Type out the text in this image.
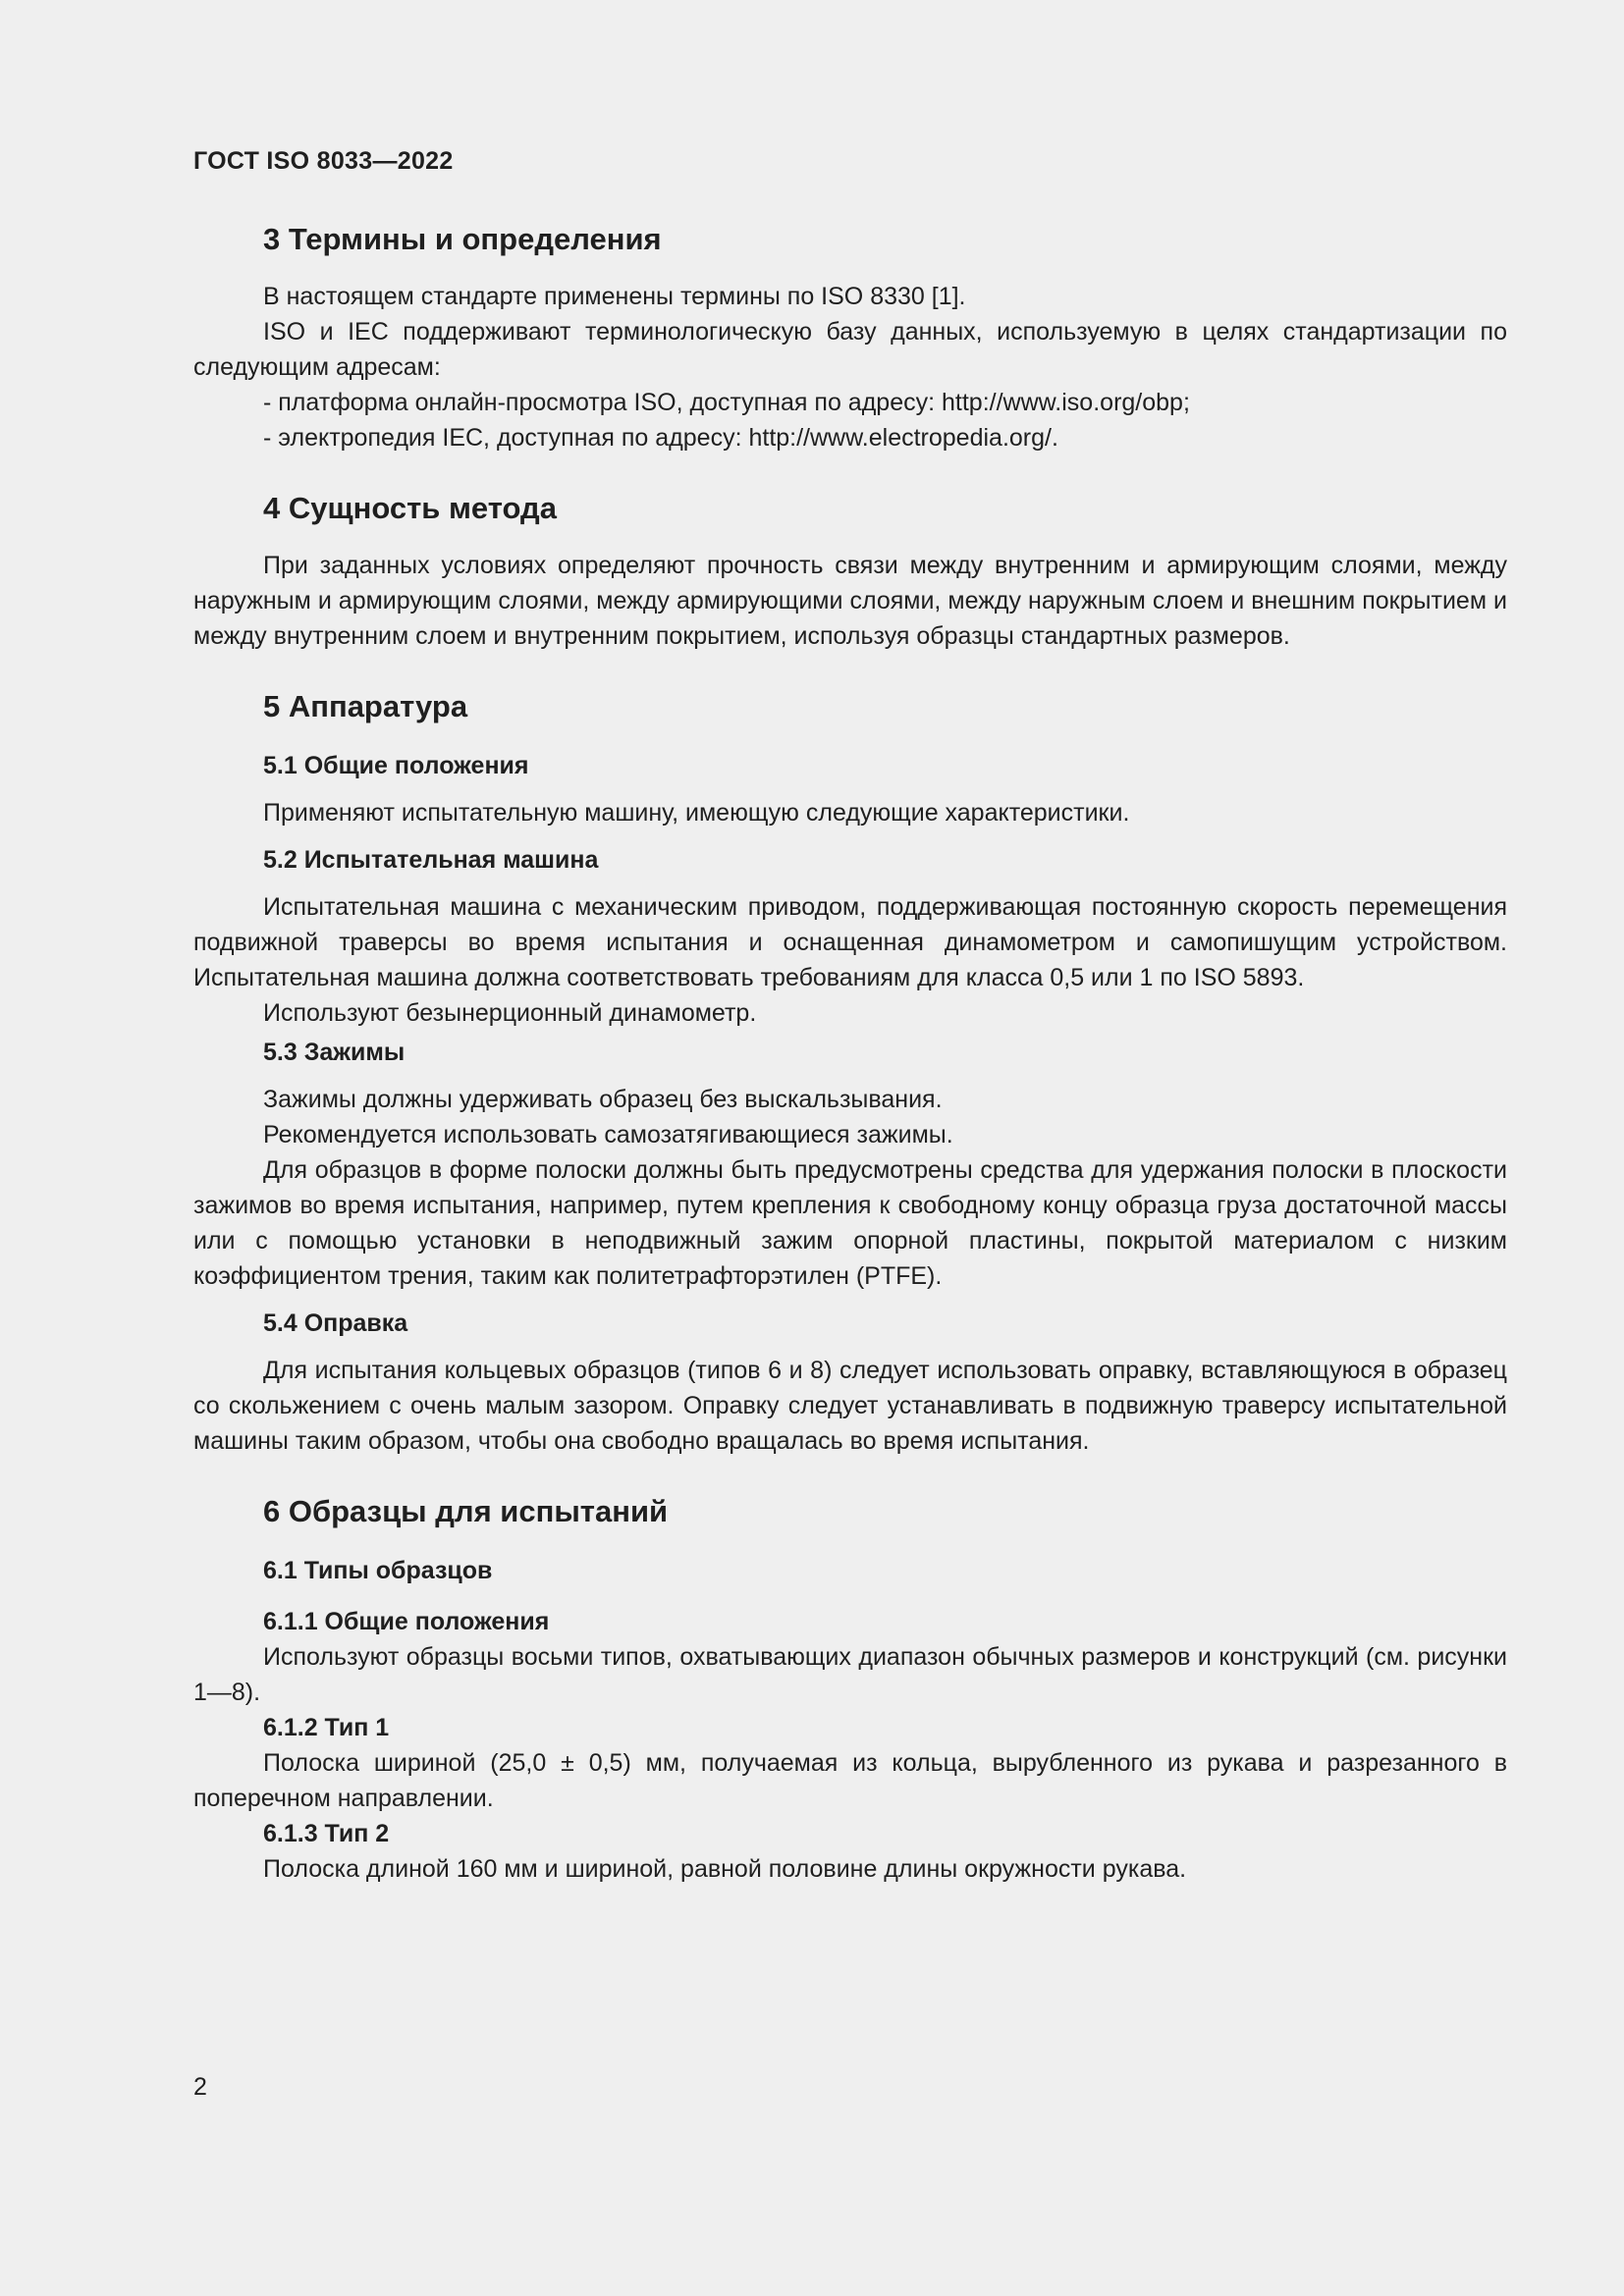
ГОСТ ISO 8033—2022
3 Термины и определения

В настоящем стандарте применены термины по ISO 8330 [1].

ISO и IEC поддерживают терминологическую базу данных, используемую в целях стандартизации по следующим адресам:

- платформа онлайн-просмотра ISO, доступная по адресу: http://www.iso.org/obp;
- электропедия IEC, доступная по адресу: http://www.electropedia.org/.
4 Сущность метода

При заданных условиях определяют прочность связи между внутренним и армирующим слоями, между наружным и армирующим слоями, между армирующими слоями, между наружным слоем и внешним покрытием и между внутренним слоем и внутренним покрытием, используя образцы стандартных размеров.

5 Аппаратура
5.1 Общие положения

Применяют испытательную машину, имеющую следующие характеристики.

5.2 Испытательная машина

Испытательная машина с механическим приводом, поддерживающая постоянную скорость перемещения подвижной траверсы во время испытания и оснащенная динамометром и самопишущим устройством. Испытательная машина должна соответствовать требованиям для класса 0,5 или 1 по ISO 5893.

Используют безынерционный динамометр.

5.3 Зажимы

Зажимы должны удерживать образец без выскальзывания.

Рекомендуется использовать самозатягивающиеся зажимы.

Для образцов в форме полоски должны быть предусмотрены средства для удержания полоски в плоскости зажимов во время испытания, например, путем крепления к свободному концу образца груза достаточной массы или с помощью установки в неподвижный зажим опорной пластины, покрытой материалом с низким коэффициентом трения, таким как политетрафторэтилен (PTFE).

5.4 Оправка

Для испытания кольцевых образцов (типов 6 и 8) следует использовать оправку, вставляющуюся в образец со скольжением с очень малым зазором. Оправку следует устанавливать в подвижную траверсу испытательной машины таким образом, чтобы она свободно вращалась во время испытания.

6 Образцы для испытаний
6.1 Типы образцов
6.1.1 Общие положения

Используют образцы восьми типов, охватывающих диапазон обычных размеров и конструкций (см. рисунки 1—8).

6.1.2 Тип 1

Полоска шириной (25,0 ± 0,5) мм, получаемая из кольца, вырубленного из рукава и разрезанного в поперечном направлении.

6.1.3 Тип 2

Полоска длиной 160 мм и шириной, равной половине длины окружности рукава.

2
